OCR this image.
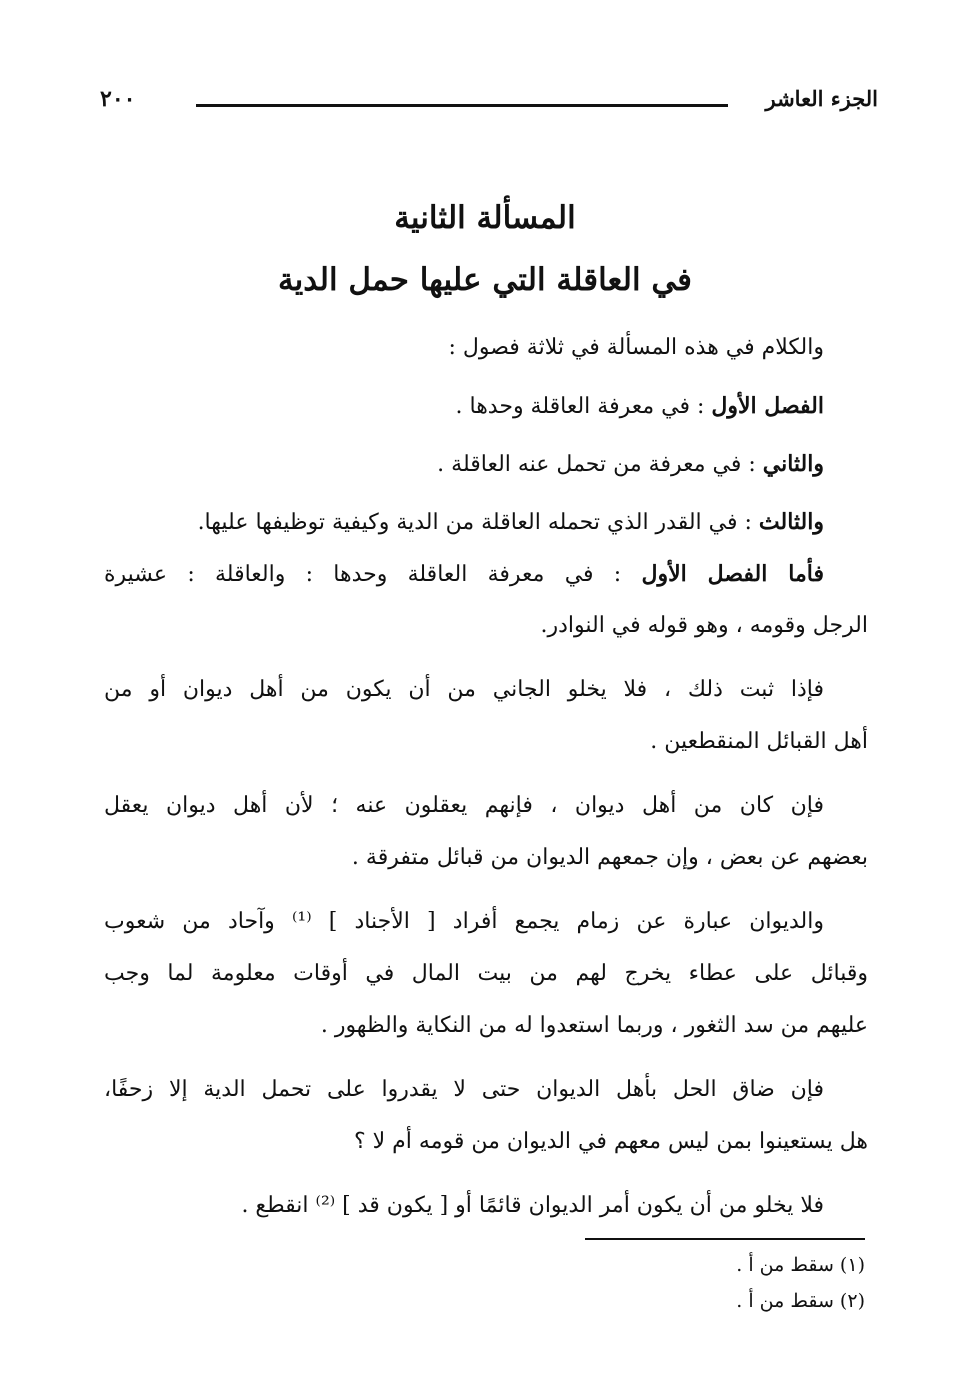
الجزء العاشر
٢٠٠
المسألة الثانية
في العاقلة التي عليها حمل الدية
والكلام في هذه المسألة في ثلاثة فصول :
الفصل الأول : في معرفة العاقلة وحدها .
والثاني : في معرفة من تحمل عنه العاقلة .
والثالث : في القدر الذي تحمله العاقلة من الدية وكيفية توظيفها عليها.
فأما الفصل الأول : في معرفة العاقلة وحدها : والعاقلة : عشيرة
الرجل وقومه ، وهو قوله في النوادر.
فإذا ثبت ذلك ، فلا يخلو الجاني من أن يكون من أهل ديوان أو من
أهل القبائل المنقطعين .
فإن كان من أهل ديوان ، فإنهم يعقلون عنه ؛ لأن أهل ديوان يعقل
بعضهم عن بعض ، وإن جمعهم الديوان من قبائل متفرقة .
والديوان عبارة عن زمام يجمع أفراد [ الأجناد ] ⁽¹⁾ وآحاد من شعوب
وقبائل على عطاء يخرج لهم من بيت المال في أوقات معلومة لما وجب
عليهم من سد الثغور ، وربما استعدوا له من النكاية والظهور .
فإن ضاق الحل بأهل الديوان حتى لا يقدروا على تحمل الدية إلا زحفًا،
هل يستعينوا بمن ليس معهم في الديوان من قومه أم لا ؟
فلا يخلو من أن يكون أمر الديوان قائمًا أو [ يكون قد ] ⁽²⁾ انقطع .
(١) سقط من أ .
(٢) سقط من أ .
